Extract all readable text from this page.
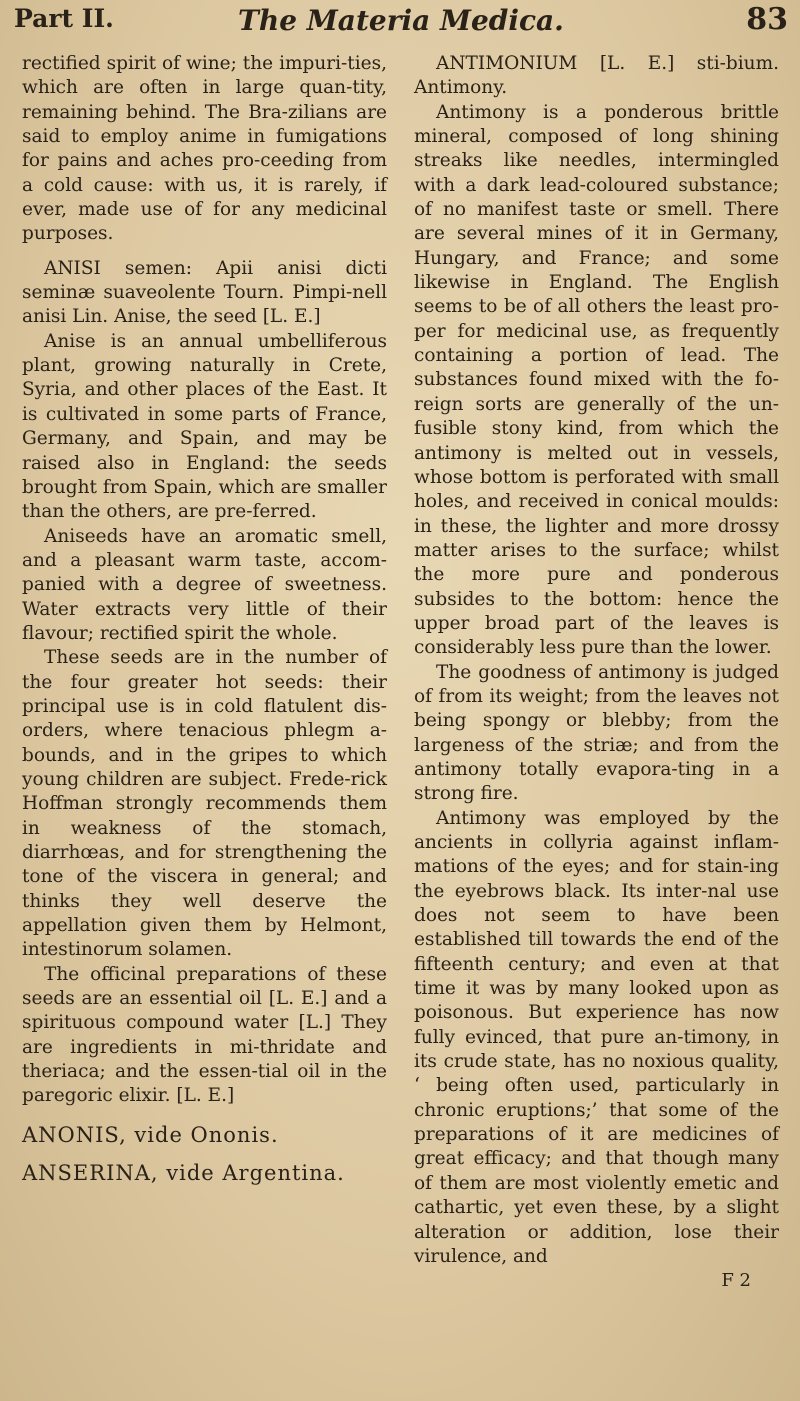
Part II.	The Materia Medica.	83

rectified spirit of wine; the impuri-ties, which are often in large quan-tity, remaining behind. The Bra-zilians are said to employ anime in fumigations for pains and aches pro-ceeding from a cold cause: with us, it is rarely, if ever, made use of for any medicinal purposes.

ANISI semen: Apii anisi dicti seminæ suaveolente Tourn. Pimpi-nell anisi Lin. Anise, the seed [L. E.]

Anise is an annual umbelliferous plant, growing naturally in Crete, Syria, and other places of the East. It is cultivated in some parts of France, Germany, and Spain, and may be raised also in England: the seeds brought from Spain, which are smaller than the others, are pre-ferred.

Aniseeds have an aromatic smell, and a pleasant warm taste, accom-panied with a degree of sweetness. Water extracts very little of their flavour; rectified spirit the whole.

These seeds are in the number of the four greater hot seeds: their principal use is in cold flatulent dis-orders, where tenacious phlegm a-bounds, and in the gripes to which young children are subject. Frede-rick Hoffman strongly recommends them in weakness of the stomach, diarrhœas, and for strengthening the tone of the viscera in general; and thinks they well deserve the appellation given them by Helmont, intestinorum solamen.

The officinal preparations of these seeds are an essential oil [L. E.] and a spirituous compound water [L.] They are ingredients in mi-thridate and theriaca; and the essen-tial oil in the paregoric elixir. [L. E.]

ANONIS, vide Ononis.

ANSERINA, vide Argentina.

ANTIMONIUM [L. E.] sti-bium. Antimony.

Antimony is a ponderous brittle mineral, composed of long shining streaks like needles, intermingled with a dark lead-coloured substance; of no manifest taste or smell. There are several mines of it in Germany, Hungary, and France; and some likewise in England. The English seems to be of all others the least pro-per for medicinal use, as frequently containing a portion of lead. The substances found mixed with the fo-reign sorts are generally of the un-fusible stony kind, from which the antimony is melted out in vessels, whose bottom is perforated with small holes, and received in conical moulds: in these, the lighter and more drossy matter arises to the surface; whilst the more pure and ponderous subsides to the bottom: hence the upper broad part of the leaves is considerably less pure than the lower.

The goodness of antimony is judged of from its weight; from the leaves not being spongy or blebby; from the largeness of the striæ; and from the antimony totally evapora-ting in a strong fire.

Antimony was employed by the ancients in collyria against inflam-mations of the eyes; and for stain-ing the eyebrows black. Its inter-nal use does not seem to have been established till towards the end of the fifteenth century; and even at that time it was by many looked upon as poisonous. But experience has now fully evinced, that pure an-timony, in its crude state, has no noxious quality, ‘ being often used, particularly in chronic eruptions;’ that some of the preparations of it are medicines of great efficacy; and that though many of them are most violently emetic and cathartic, yet even these, by a slight alteration or addition, lose their virulence, and

F 2
